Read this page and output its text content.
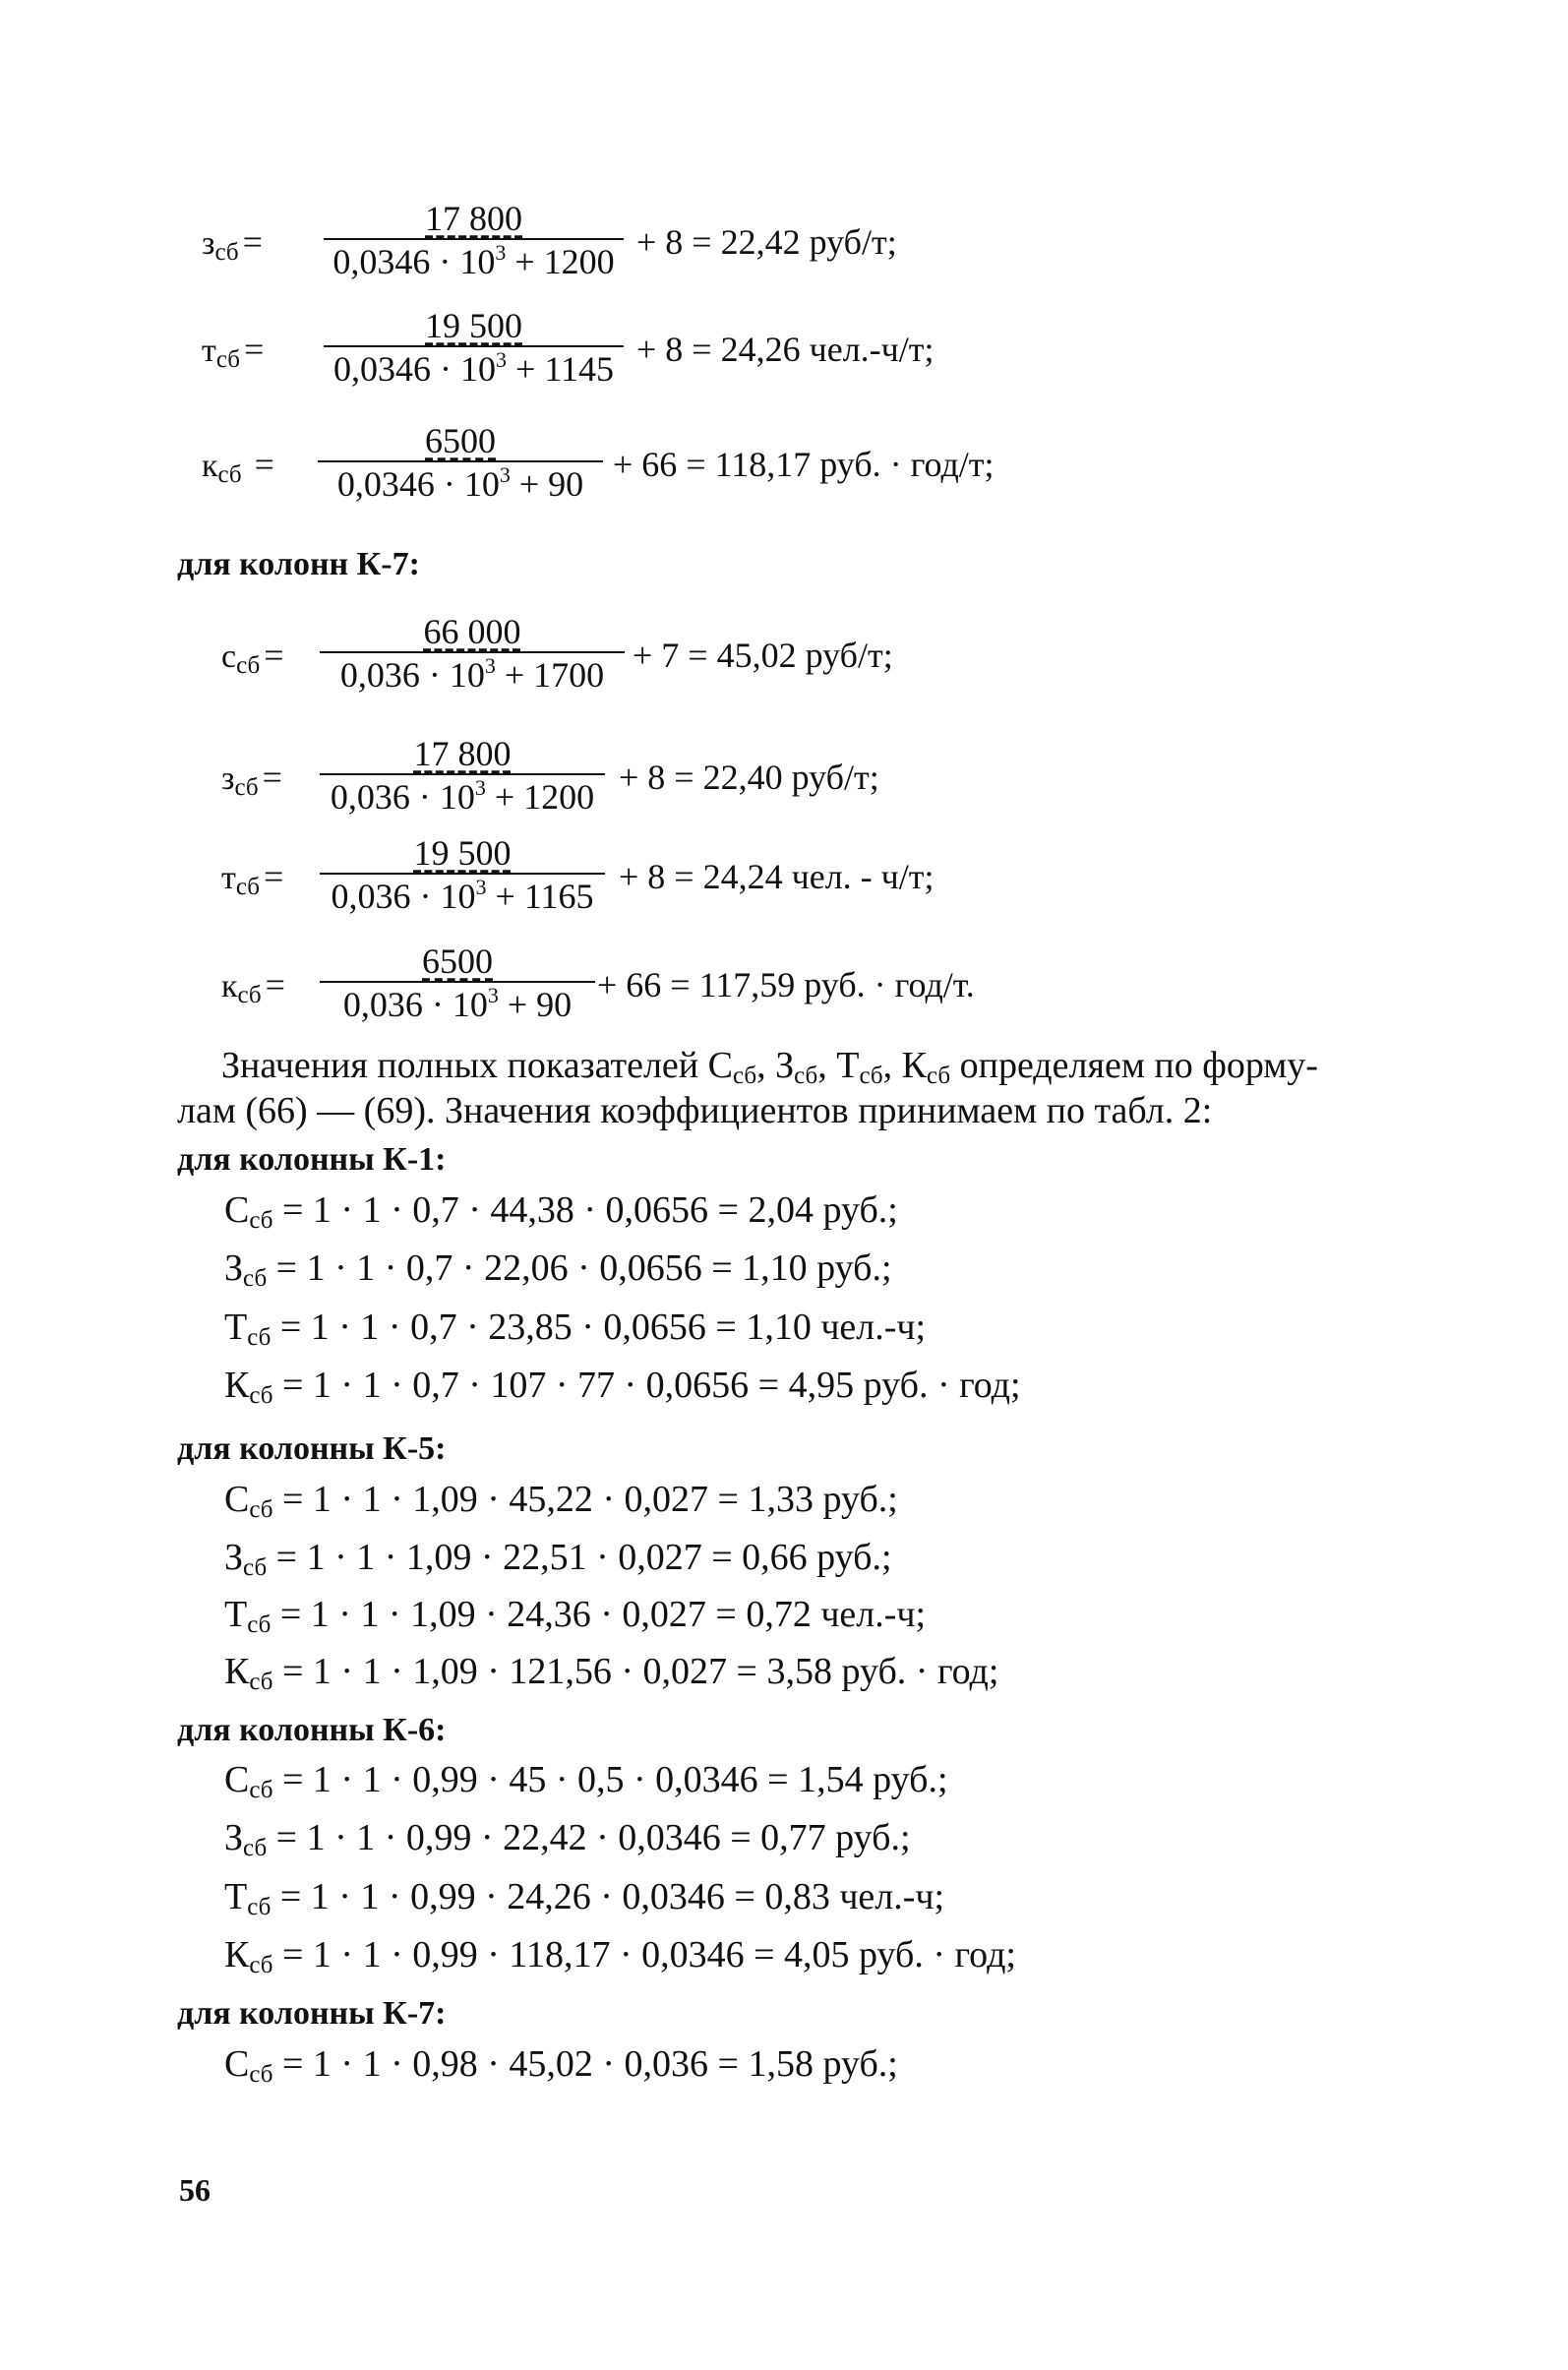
$з_{сб} = \frac{17 800}{0,0346 \cdot 10^3 + 1200} + 8 = 22,42$ руб/т;
$т_{сб} = \frac{19 500}{0,0346 \cdot 10^3 + 1145} + 8 = 24,26$ чел.-ч/т;
$к_{сб} = \frac{6500}{0,0346 \cdot 10^3 + 90} + 66 = 118,17$ руб. · год/т;
для колонн К-7:
$с_{сб} = \frac{66 000}{0,036 \cdot 10^3 + 1700} + 7 = 45,02$ руб/т;
$з_{сб} = \frac{17 800}{0,036 \cdot 10^3 + 1200} + 8 = 22,40$ руб/т;
$т_{сб} = \frac{19 500}{0,036 \cdot 10^3 + 1165} + 8 = 24,24$ чел. - ч/т;
$к_{сб} = \frac{6500}{0,036 \cdot 10^3 + 90} + 66 = 117,59$ руб. · год/т.
Значения полных показателей $С_{сб}$, $З_{сб}$, $Т_{сб}$, $К_{сб}$ определяем по форму-
лам (66) — (69). Значения коэффициентов принимаем по табл. 2:
для колонны К-1:
$С_{сб} = 1 \cdot 1 \cdot 0,7 \cdot 44,38 \cdot 0,0656 = 2,04$ руб.;
$З_{сб} = 1 \cdot 1 \cdot 0,7 \cdot 22,06 \cdot 0,0656 = 1,10$ руб.;
$Т_{сб} = 1 \cdot 1 \cdot 0,7 \cdot 23,85 \cdot 0,0656 = 1,10$ чел.-ч;
$К_{сб} = 1 \cdot 1 \cdot 0,7 \cdot 107 \cdot 77 \cdot 0,0656 = 4,95$ руб. · год;
для колонны К-5:
$С_{сб} = 1 \cdot 1 \cdot 1,09 \cdot 45,22 \cdot 0,027 = 1,33$ руб.;
$З_{сб} = 1 \cdot 1 \cdot 1,09 \cdot 22,51 \cdot 0,027 = 0,66$ руб.;
$Т_{сб} = 1 \cdot 1 \cdot 1,09 \cdot 24,36 \cdot 0,027 = 0,72$ чел.-ч;
$К_{сб} = 1 \cdot 1 \cdot 1,09 \cdot 121,56 \cdot 0,027 = 3,58$ руб. · год;
для колонны К-6:
$С_{сб} = 1 \cdot 1 \cdot 0,99 \cdot 45 \cdot 0,5 \cdot 0,0346 = 1,54$ руб.;
$З_{сб} = 1 \cdot 1 \cdot 0,99 \cdot 22,42 \cdot 0,0346 = 0,77$ руб.;
$Т_{сб} = 1 \cdot 1 \cdot 0,99 \cdot 24,26 \cdot 0,0346 = 0,83$ чел.-ч;
$К_{сб} = 1 \cdot 1 \cdot 0,99 \cdot 118,17 \cdot 0,0346 = 4,05$ руб. · год;
для колонны К-7:
$С_{сб} = 1 \cdot 1 \cdot 0,98 \cdot 45,02 \cdot 0,036 = 1,58$ руб.;
56
